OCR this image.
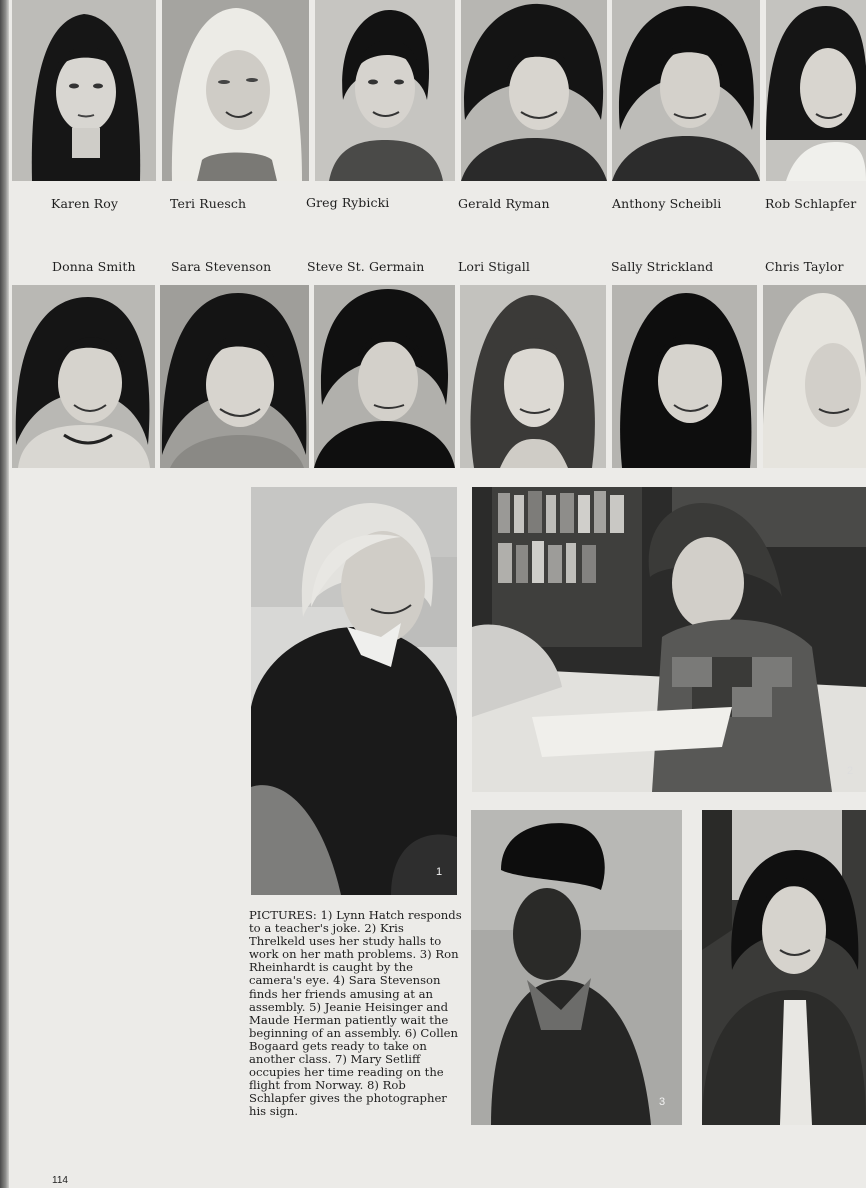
Karen Roy	Teri Ruesch	Greg Rybicki	Gerald Ryman	Anthony Scheibli	Rob Schlapfer
Donna Smith	Sara Stevenson	Steve St. Germain	Lori Stigall	Sally Strickland	Chris Taylor
1
2
3

PICTURES: 1) Lynn Hatch responds to a teacher's joke. 2) Kris Threlkeld uses her study halls to work on her math problems. 3) Ron Rheinhardt is caught by the camera's eye. 4) Sara Stevenson finds her friends amusing at an assembly. 5) Jeanie Heisinger and Maude Herman patiently wait the beginning of an assembly. 6) Collen Bogaard gets ready to take on another class. 7) Mary Setliff occupies her time reading on the flight from Norway. 8) Rob Schlapfer gives the photographer his sign.

114
